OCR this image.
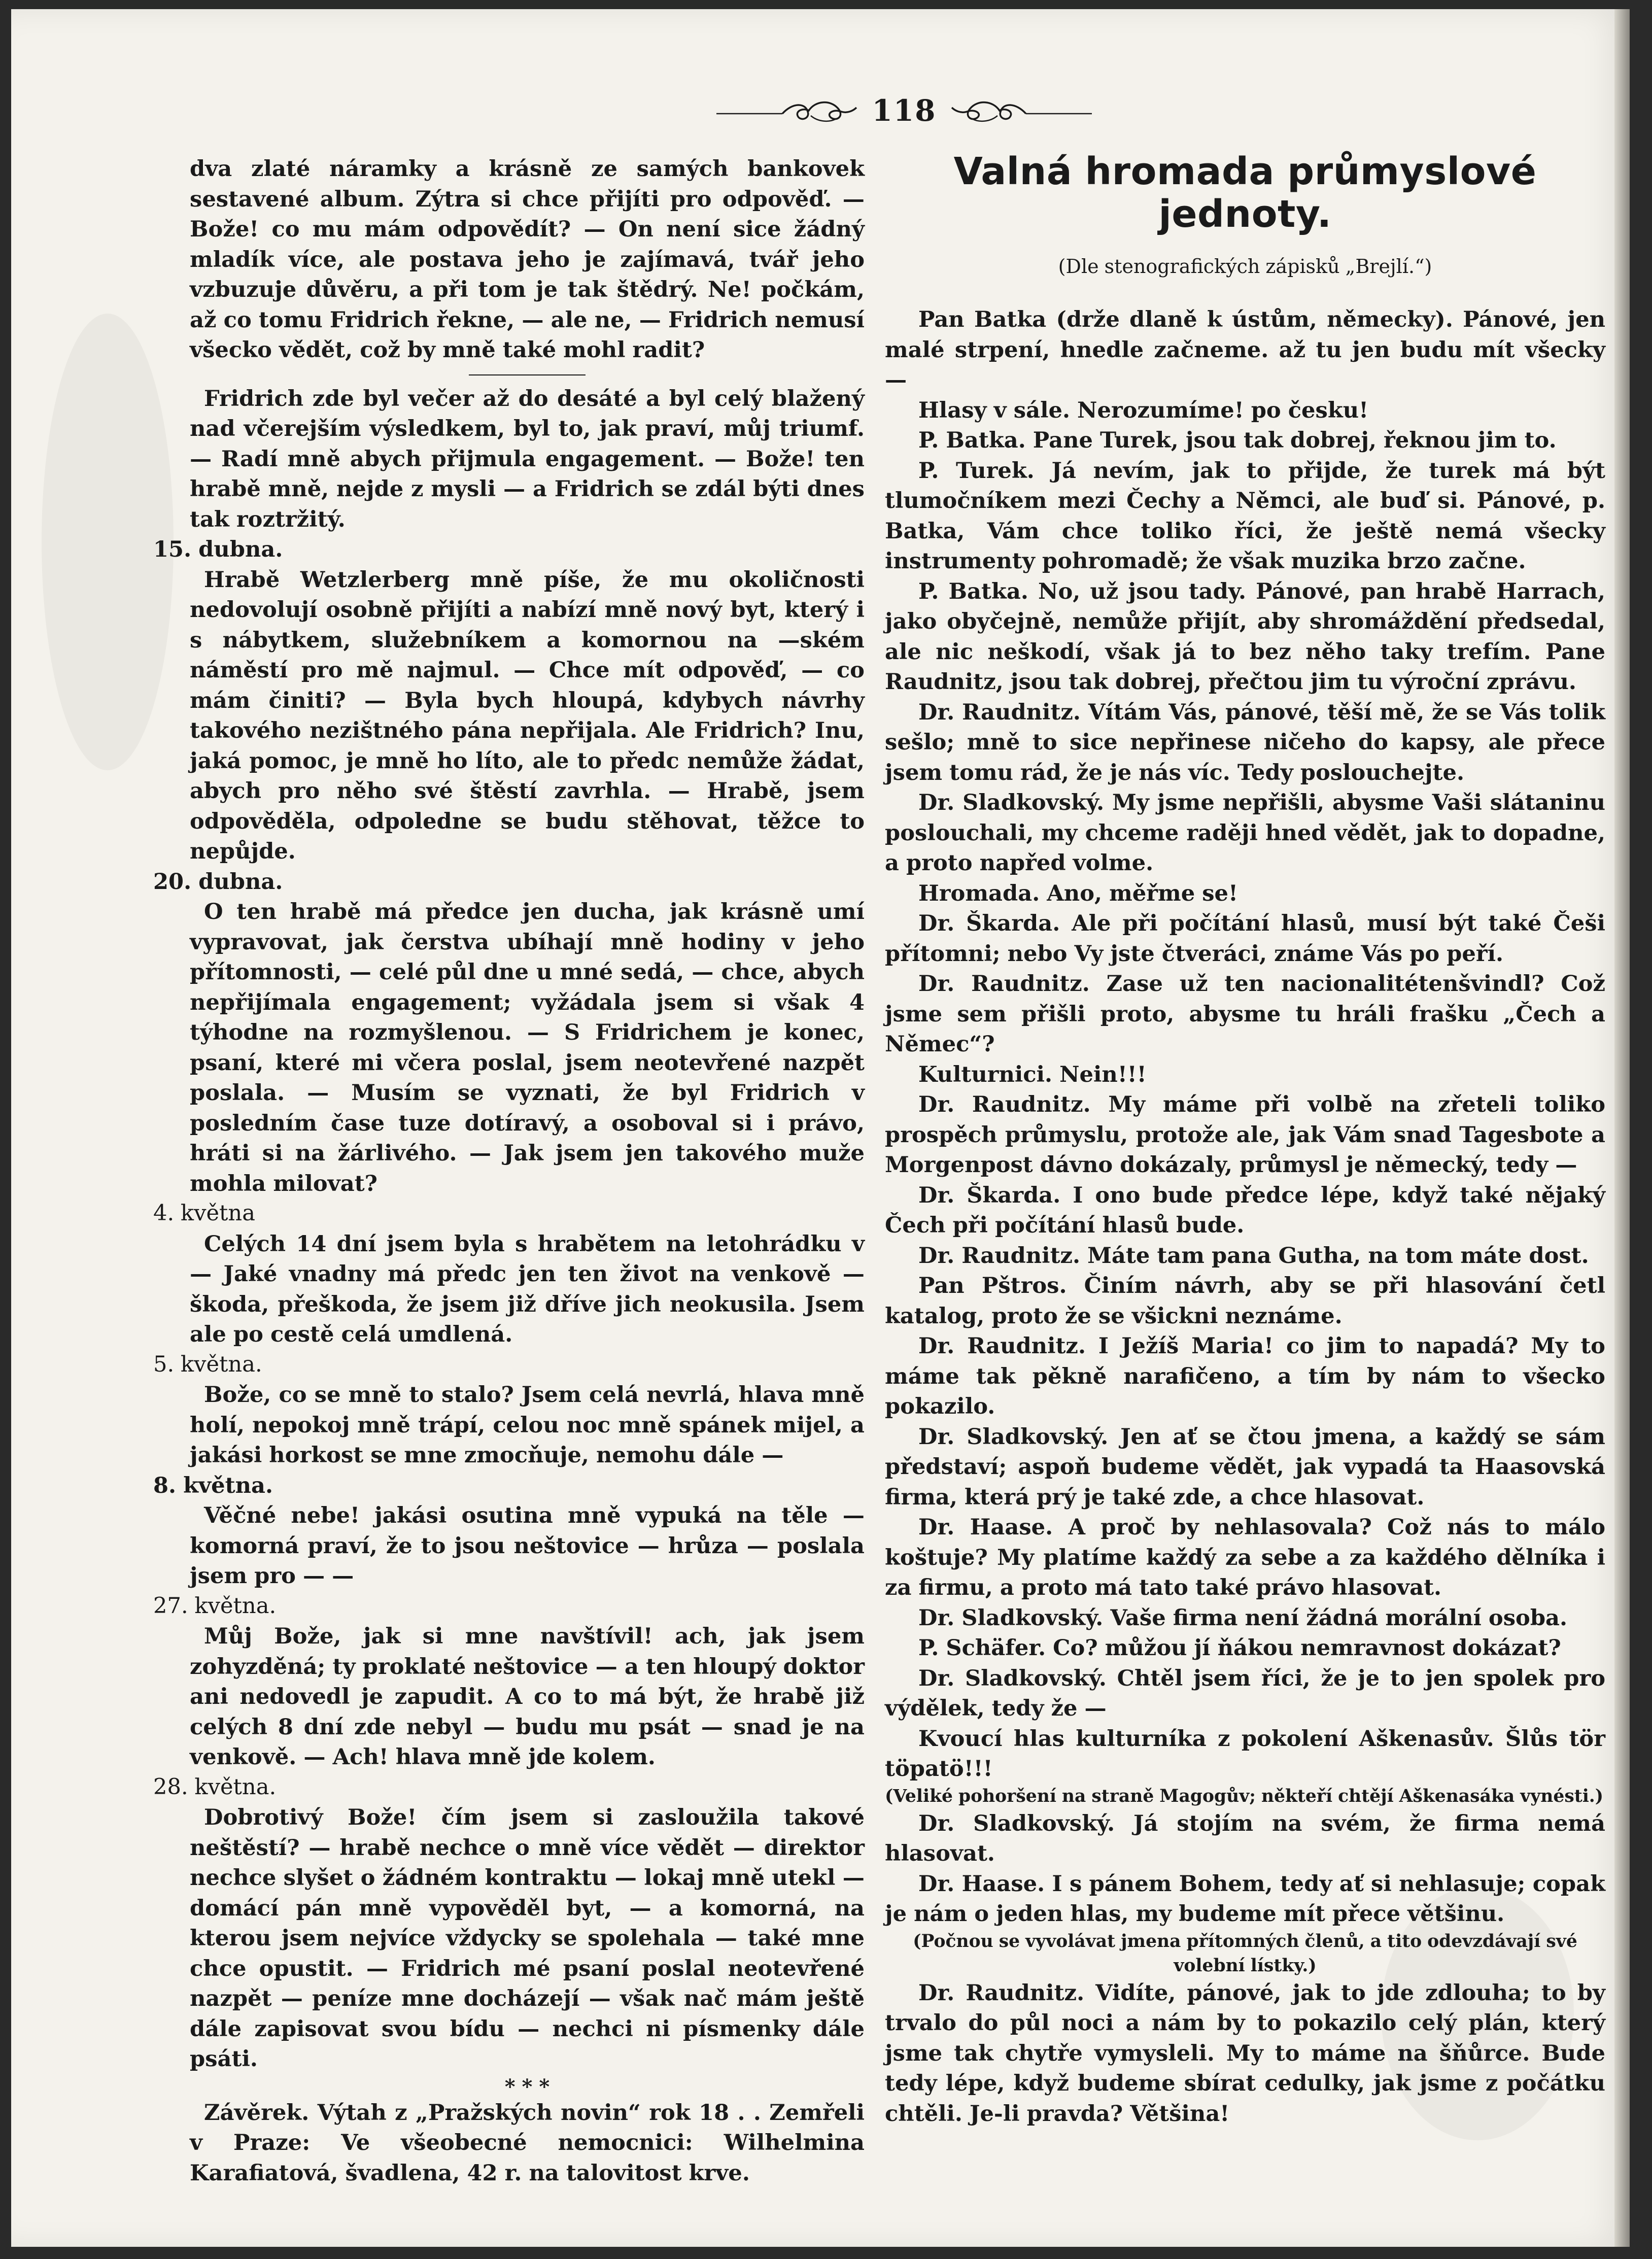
118

dva zlaté náramky a krásně ze samých bankovek sestavené album. Zýtra si chce přijíti pro odpověď. — Bože! co mu mám odpovědít? — On není sice žádný mladík více, ale postava jeho je zajímavá, tvář jeho vzbuzuje důvěru, a při tom je tak štědrý. Ne! počkám, až co tomu Fridrich řekne, — ale ne, — Fridrich nemusí všecko vědět, což by mně také mohl radit?

Fridrich zde byl večer až do desáté a byl celý blažený nad včerejším výsledkem, byl to, jak praví, můj triumf. — Radí mně abych přijmula engagement. — Bože! ten hrabě mně, nejde z mysli — a Fridrich se zdál býti dnes tak roztržitý.

15. dubna.

Hrabě Wetzlerberg mně píše, že mu okoličnosti nedovolují osobně přijíti a nabízí mně nový byt, který i s nábytkem, služebníkem a komornou na —ském náměstí pro mě najmul. — Chce mít odpověď, — co mám činiti? — Byla bych hloupá, kdybych návrhy takového nezištného pána nepřijala. Ale Fridrich? Inu, jaká pomoc, je mně ho líto, ale to předc nemůže žádat, abych pro něho své štěstí zavrhla. — Hrabě, jsem odpověděla, odpoledne se budu stěhovat, těžce to nepůjde.

20. dubna.

O ten hrabě má předce jen ducha, jak krásně umí vypravovat, jak čerstva ubíhají mně hodiny v jeho přítomnosti, — celé půl dne u mné sedá, — chce, abych nepřijímala engagement; vyžádala jsem si však 4 týhodne na rozmyšlenou. — S Fridrichem je konec, psaní, které mi včera poslal, jsem neotevřené nazpět poslala. — Musím se vyznati, že byl Fridrich v posledním čase tuze dotíravý, a osoboval si i právo, hráti si na žárlivého. — Jak jsem jen takového muže mohla milovat?

4. května

Celých 14 dní jsem byla s hrabětem na letohrádku v — Jaké vnadny má předc jen ten život na venkově — škoda, přeškoda, že jsem již dříve jich neokusila. Jsem ale po cestě celá umdlená.

5. května.

Bože, co se mně to stalo? Jsem celá nevrlá, hlava mně holí, nepokoj mně trápí, celou noc mně spánek mijel, a jakási horkost se mne zmocňuje, nemohu dále —

8. května.

Věčné nebe! jakási osutina mně vypuká na těle — komorná praví, že to jsou neštovice — hrůza — poslala jsem pro — —

27. května.

Můj Bože, jak si mne navštívil! ach, jak jsem zohyzděná; ty proklaté neštovice — a ten hloupý doktor ani nedovedl je zapudit. A co to má být, že hrabě již celých 8 dní zde nebyl — budu mu psát — snad je na venkově. — Ach! hlava mně jde kolem.

28. května.

Dobrotivý Bože! čím jsem si zasloužila takové neštěstí? — hrabě nechce o mně více vědět — direktor nechce slyšet o žádném kontraktu — lokaj mně utekl — domácí pán mně vypověděl byt, — a komorná, na kterou jsem nejvíce vždycky se spolehala — také mne chce opustit. — Fridrich mé psaní poslal neotevřené nazpět — peníze mne docházejí — však nač mám ještě dále zapisovat svou bídu — nechci ni písmenky dále psáti.

* * *

Závěrek. Výtah z „Pražských novin“ rok 18 . . Zemřeli v Praze: Ve všeobecné nemocnici: Wilhelmina Karafiatová, švadlena, 42 r. na talovitost krve.

Valná hromada průmyslové jednoty.
(Dle stenografických zápisků „Brejlí.“)

Pan Batka (drže dlaně k ústům, německy). Pánové, jen malé strpení, hnedle začneme. až tu jen budu mít všecky —

Hlasy v sále. Nerozumíme! po česku!

P. Batka. Pane Turek, jsou tak dobrej, řeknou jim to.

P. Turek. Já nevím, jak to přijde, že turek má být tlumočníkem mezi Čechy a Němci, ale buď si. Pánové, p. Batka, Vám chce toliko říci, že ještě nemá všecky instrumenty pohromadě; že však muzika brzo začne.

P. Batka. No, už jsou tady. Pánové, pan hrabě Harrach, jako obyčejně, nemůže přijít, aby shromáždění předsedal, ale nic neškodí, však já to bez něho taky trefím. Pane Raudnitz, jsou tak dobrej, přečtou jim tu výroční zprávu.

Dr. Raudnitz. Vítám Vás, pánové, těší mě, že se Vás tolik sešlo; mně to sice nepřinese ničeho do kapsy, ale přece jsem tomu rád, že je nás víc. Tedy poslouchejte.

Dr. Sladkovský. My jsme nepřišli, abysme Vaši slátaninu poslouchali, my chceme raději hned vědět, jak to dopadne, a proto napřed volme.

Hromada. Ano, měřme se!

Dr. Škarda. Ale při počítání hlasů, musí být také Češi přítomni; nebo Vy jste čtveráci, známe Vás po peří.

Dr. Raudnitz. Zase už ten nacionalitétenšvindl? Což jsme sem přišli proto, abysme tu hráli frašku „Čech a Němec“?

Kulturnici. Nein!!!

Dr. Raudnitz. My máme při volbě na zřeteli toliko prospěch průmyslu, protože ale, jak Vám snad Tagesbote a Morgenpost dávno dokázaly, průmysl je německý, tedy —

Dr. Škarda. I ono bude předce lépe, když také nějaký Čech při počítání hlasů bude.

Dr. Raudnitz. Máte tam pana Gutha, na tom máte dost.

Pan Pštros. Činím návrh, aby se při hlasování četl katalog, proto že se všickni neznáme.

Dr. Raudnitz. I Ježíš Maria! co jim to napadá? My to máme tak pěkně narafičeno, a tím by nám to všecko pokazilo.

Dr. Sladkovský. Jen ať se čtou jmena, a každý se sám představí; aspoň budeme vědět, jak vypadá ta Haasovská firma, která prý je také zde, a chce hlasovat.

Dr. Haase. A proč by nehlasovala? Což nás to málo koštuje? My platíme každý za sebe a za každého dělníka i za firmu, a proto má tato také právo hlasovat.

Dr. Sladkovský. Vaše firma není žádná morální osoba.

P. Schäfer. Co? můžou jí ňákou nemravnost dokázat?

Dr. Sladkovský. Chtěl jsem říci, že je to jen spolek pro výdělek, tedy že —

Kvoucí hlas kulturníka z pokolení Aškenasův. Šlůs tör töpatö!!!

(Veliké pohoršení na straně Magogův; někteří chtějí Aškenasáka vynésti.)

Dr. Sladkovský. Já stojím na svém, že firma nemá hlasovat.

Dr. Haase. I s pánem Bohem, tedy ať si nehlasuje; copak je nám o jeden hlas, my budeme mít přece většinu.

(Počnou se vyvolávat jmena přítomných členů, a tito odevzdávají své volební lístky.)

Dr. Raudnitz. Vidíte, pánové, jak to jde zdlouha; to by trvalo do půl noci a nám by to pokazilo celý plán, který jsme tak chytře vymysleli. My to máme na šňůrce. Bude tedy lépe, když budeme sbírat cedulky, jak jsme z počátku chtěli. Je-li pravda? Většina!
